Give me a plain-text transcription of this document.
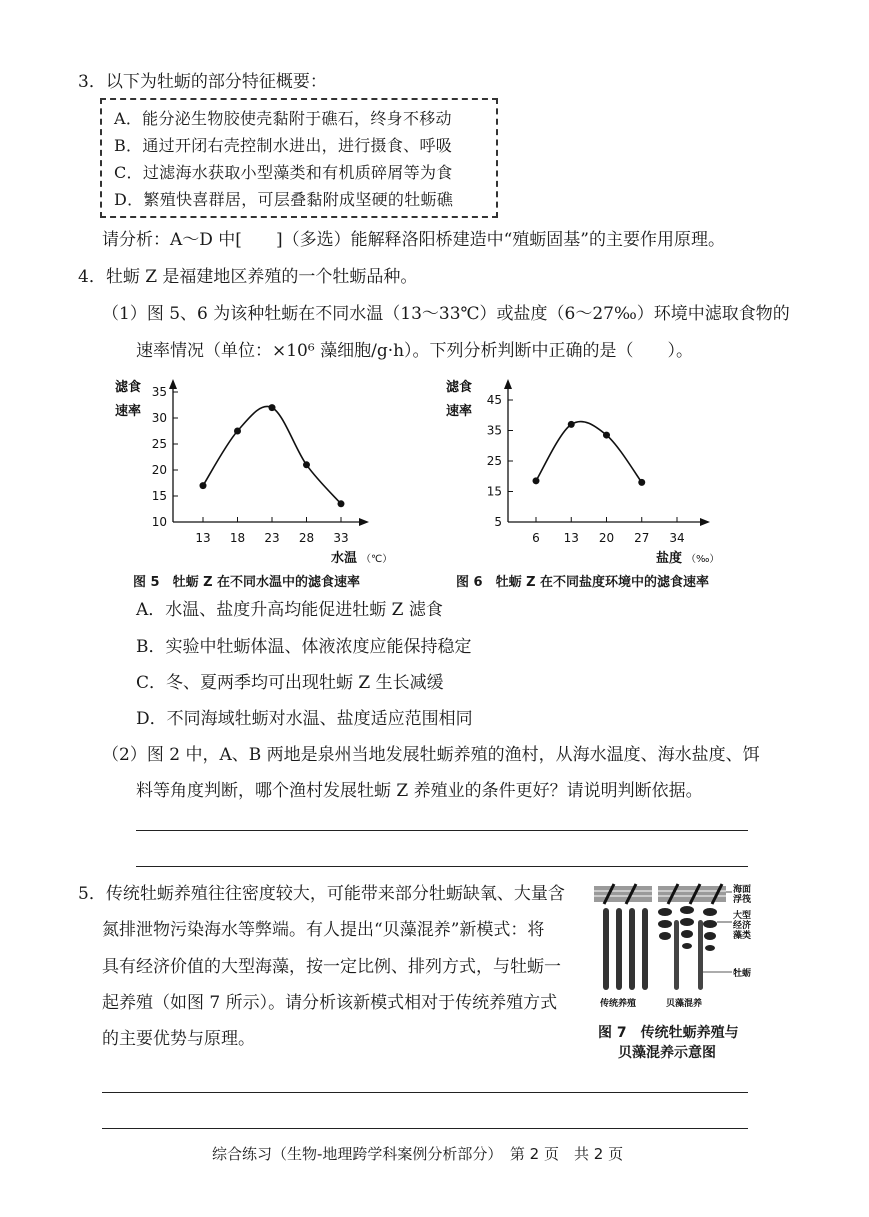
3．以下为牡蛎的部分特征概要：
A．能分泌生物胶使壳黏附于礁石，终身不移动
B．通过开闭右壳控制水进出，进行摄食、呼吸
C．过滤海水获取小型藻类和有机质碎屑等为食
D．繁殖快喜群居，可层叠黏附成坚硬的牡蛎礁
请分析：A～D 中[　　]（多选）能解释洛阳桥建造中“殖蛎固基”的主要作用原理。
4．牡蛎 Z 是福建地区养殖的一个牡蛎品种。
（1）图 5、6 为该种牡蛎在不同水温（13～33℃）或盐度（6～27‰）环境中滤取食物的
速率情况（单位：×10⁶ 藻细胞/g·h）。下列分析判断中正确的是（　　）。
10
15
20
25
30
35
13 18 23 28 33
滤食
速率
水温 （℃）
图 5　牡蛎 Z 在不同水温中的滤食速率
5
15
25
35
45
6 13 20 27 34
滤食
速率
盐度 （‰）
图 6　牡蛎 Z 在不同盐度环境中的滤食速率
A．水温、盐度升高均能促进牡蛎 Z 滤食
B．实验中牡蛎体温、体液浓度应能保持稳定
C．冬、夏两季均可出现牡蛎 Z 生长减缓
D．不同海域牡蛎对水温、盐度适应范围相同
（2）图 2 中，A、B 两地是泉州当地发展牡蛎养殖的渔村，从海水温度、海水盐度、饵
料等角度判断，哪个渔村发展牡蛎 Z 养殖业的条件更好？请说明判断依据。
5．传统牡蛎养殖往往密度较大，可能带来部分牡蛎缺氧、大量含
氮排泄物污染海水等弊端。有人提出“贝藻混养”新模式：将
具有经济价值的大型海藻，按一定比例、排列方式，与牡蛎一
起养殖（如图 7 所示）。请分析该新模式相对于传统养殖方式
的主要优势与原理。
海面
浮筏
大型
经济
藻类
牡蛎
传统养殖	贝藻混养
图 7　传统牡蛎养殖与
贝藻混养示意图
综合练习（生物-地理跨学科案例分析部分）　第 2 页　共 2 页
